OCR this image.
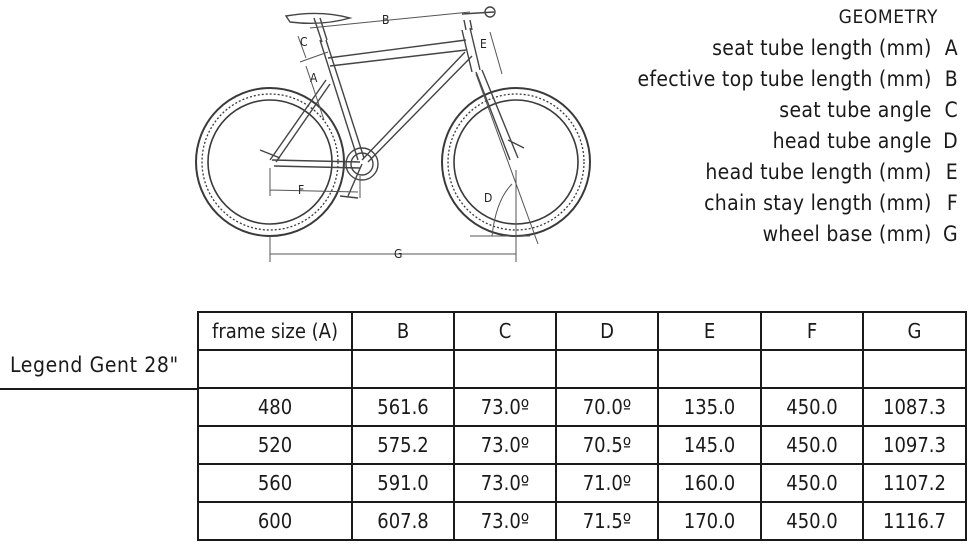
B
C
A
E
F
D
G
GEOMETRY
seat tube length (mm) A
efective top tube length (mm) B
seat tube angle C
head tube angle D
head tube length (mm) E
chain stay length (mm) F
wheel base (mm) G
Legend Gent 28"
frame size (A)	B	C	D	E	F	G

480	561.6	73.0º	70.0º	135.0	450.0	1087.3
520	575.2	73.0º	70.5º	145.0	450.0	1097.3
560	591.0	73.0º	71.0º	160.0	450.0	1107.2
600	607.8	73.0º	71.5º	170.0	450.0	1116.7
